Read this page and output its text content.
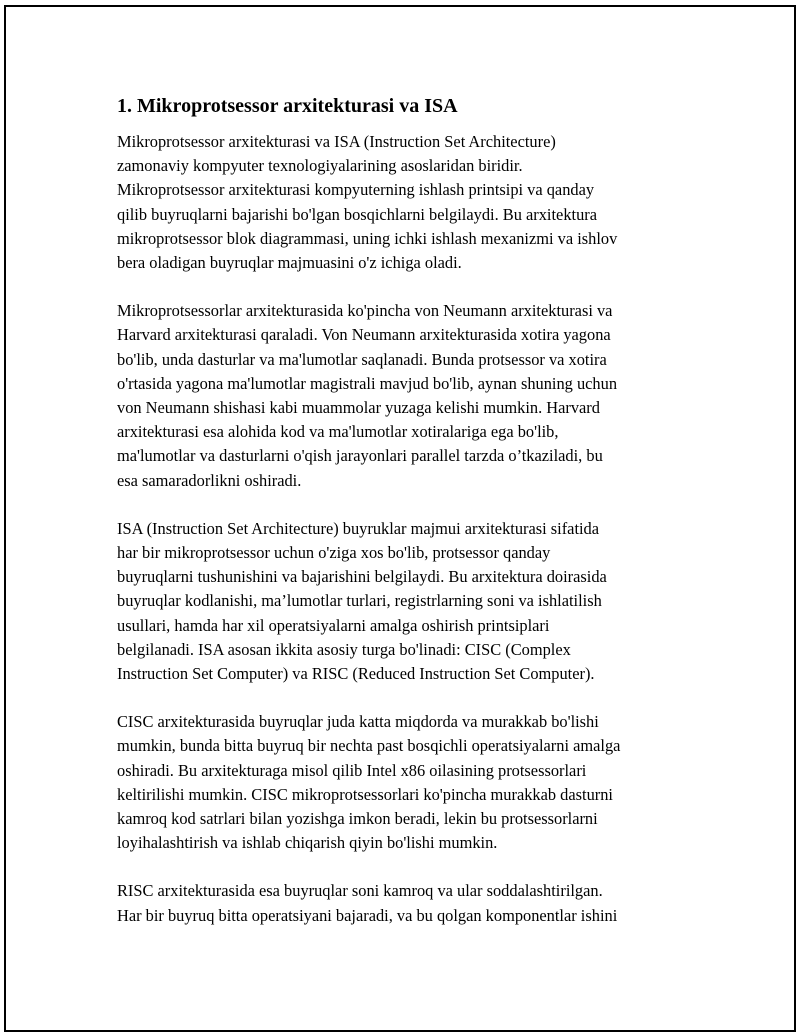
1. Mikroprotsessor arxitekturasi va ISA

Mikroprotsessor arxitekturasi va ISA (Instruction Set Architecture)
zamonaviy kompyuter texnologiyalarining asoslaridan biridir.
Mikroprotsessor arxitekturasi kompyuterning ishlash printsipi va qanday
qilib buyruqlarni bajarishi bo'lgan bosqichlarni belgilaydi. Bu arxitektura
mikroprotsessor blok diagrammasi, uning ichki ishlash mexanizmi va ishlov
bera oladigan buyruqlar majmuasini o'z ichiga oladi.

Mikroprotsessorlar arxitekturasida ko'pincha von Neumann arxitekturasi va
Harvard arxitekturasi qaraladi. Von Neumann arxitekturasida xotira yagona
bo'lib, unda dasturlar va ma'lumotlar saqlanadi. Bunda protsessor va xotira
o'rtasida yagona ma'lumotlar magistrali mavjud bo'lib, aynan shuning uchun
von Neumann shishasi kabi muammolar yuzaga kelishi mumkin. Harvard
arxitekturasi esa alohida kod va ma'lumotlar xotiralariga ega bo'lib,
ma'lumotlar va dasturlarni o'qish jarayonlari parallel tarzda o’tkaziladi, bu
esa samaradorlikni oshiradi.

ISA (Instruction Set Architecture) buyruklar majmui arxitekturasi sifatida
har bir mikroprotsessor uchun o'ziga xos bo'lib, protsessor qanday
buyruqlarni tushunishini va bajarishini belgilaydi. Bu arxitektura doirasida
buyruqlar kodlanishi, ma’lumotlar turlari, registrlarning soni va ishlatilish
usullari, hamda har xil operatsiyalarni amalga oshirish printsiplari
belgilanadi. ISA asosan ikkita asosiy turga bo'linadi: CISC (Complex
Instruction Set Computer) va RISC (Reduced Instruction Set Computer).

CISC arxitekturasida buyruqlar juda katta miqdorda va murakkab bo'lishi
mumkin, bunda bitta buyruq bir nechta past bosqichli operatsiyalarni amalga
oshiradi. Bu arxitekturaga misol qilib Intel x86 oilasining protsessorlari
keltirilishi mumkin. CISC mikroprotsessorlari ko'pincha murakkab dasturni
kamroq kod satrlari bilan yozishga imkon beradi, lekin bu protsessorlarni
loyihalashtirish va ishlab chiqarish qiyin bo'lishi mumkin.

RISC arxitekturasida esa buyruqlar soni kamroq va ular soddalashtirilgan.
Har bir buyruq bitta operatsiyani bajaradi, va bu qolgan komponentlar ishini
